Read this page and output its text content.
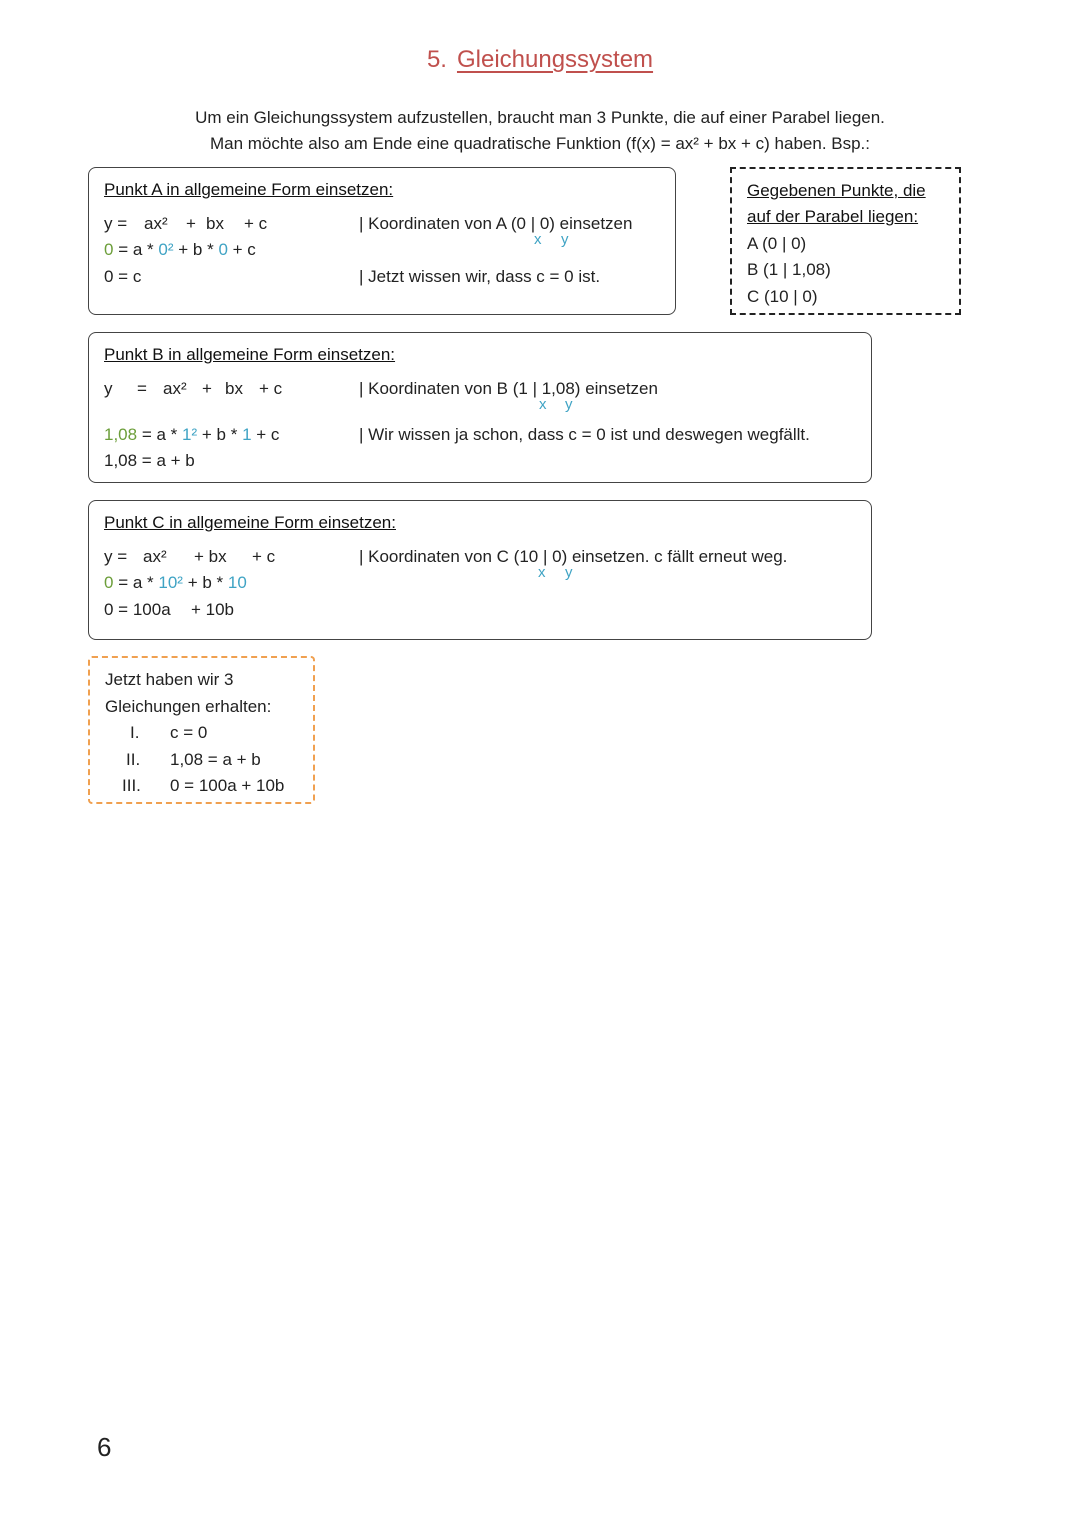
5. Gleichungssystem
Um ein Gleichungssystem aufzustellen, braucht man 3 Punkte, die auf einer Parabel liegen.
Man möchte also am Ende eine quadratische Funktion (f(x) = ax² + bx + c) haben. Bsp.:
Punkt A in allgemeine Form einsetzen:
y = ax² + bx + c
0 = a * 0² + b * 0 + c
0 = c
| Koordinaten von A (0 | 0) einsetzen
x y
| Jetzt wissen wir, dass c = 0 ist.
Gegebenen Punkte, die
auf der Parabel liegen:
A (0 | 0)
B (1 | 1,08)
C (10 | 0)
Punkt B in allgemeine Form einsetzen:
y = ax² + bx + c
1,08 = a * 1² + b * 1 + c
1,08 = a + b
| Koordinaten von B (1 | 1,08) einsetzen
x y
| Wir wissen ja schon, dass c = 0 ist und deswegen wegfällt.
Punkt C in allgemeine Form einsetzen:
y = ax² + bx + c
0 = a * 10² + b * 10
0 = 100a + 10b
| Koordinaten von C (10 | 0) einsetzen. c fällt erneut weg.
x y
Jetzt haben wir 3
Gleichungen erhalten:
I. c = 0
II. 1,08 = a + b
III. 0 = 100a + 10b
6
